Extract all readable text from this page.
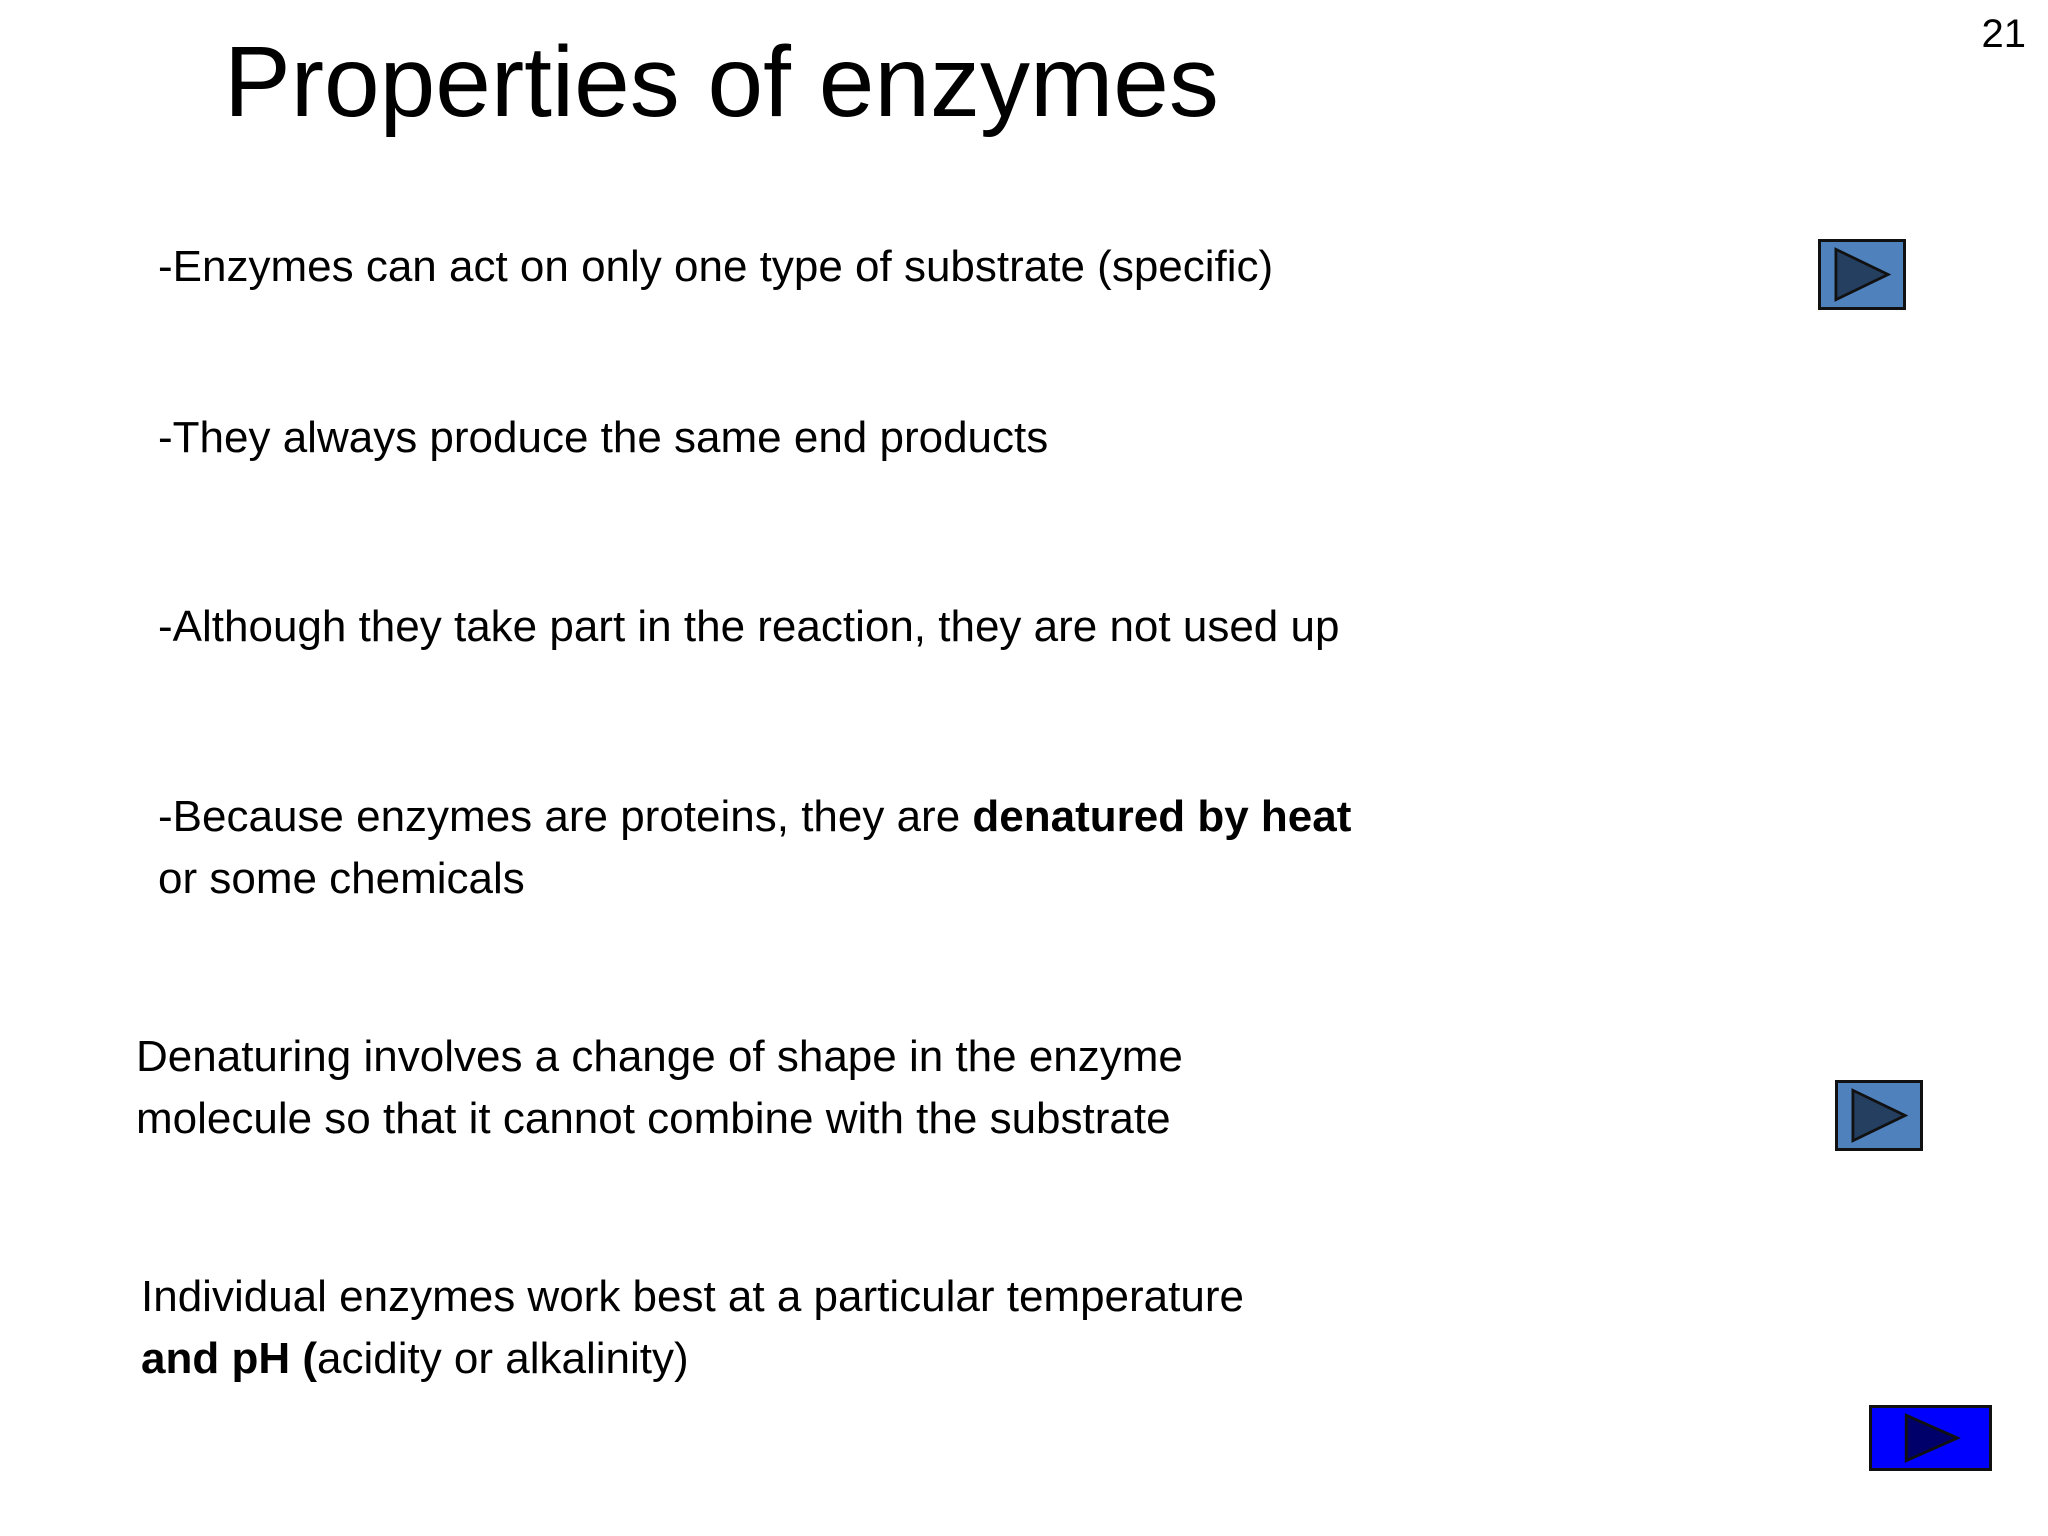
21
Properties of enzymes
-Enzymes can act on only one type of substrate (specific)
-They always produce the same end products
-Although they take part in the reaction, they are not used up
-Because enzymes are proteins, they are denatured by heat
or some chemicals
Denaturing involves a change of shape in the enzyme
molecule so that it cannot combine with the substrate
Individual enzymes work best at a particular temperature
and pH (acidity or alkalinity)
